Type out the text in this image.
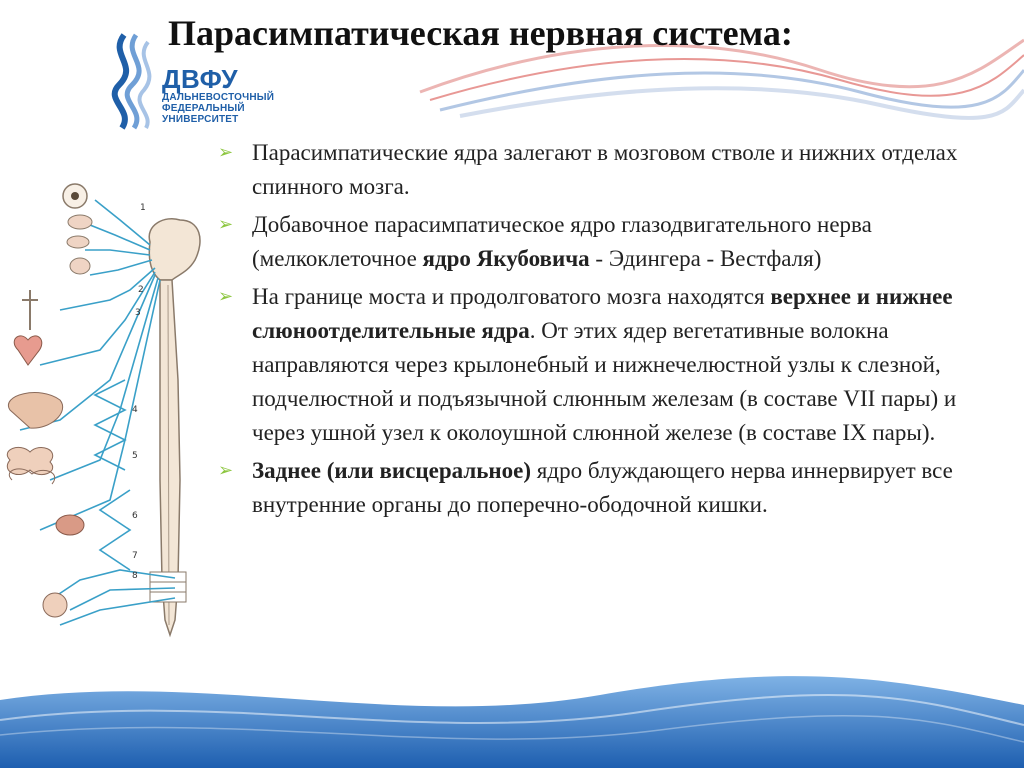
ДВФУ
ДАЛЬНЕВОСТОЧНЫЙ
ФЕДЕРАЛЬНЫЙ
УНИВЕРСИТЕТ
Парасимпатическая нервная система:
1
2
3
4
5
6
7
8
➢ Парасимпатические ядра залегают в мозговом стволе и нижних отделах спинного мозга.
➢ Добавочное парасимпатическое ядро глазодвигательного нерва (мелкоклеточное ядро Якубовича - Эдингера - Вестфаля)
➢ На границе моста и продолговатого мозга находятся верхнее и нижнее слюноотделительные ядра. От этих ядер вегетативные волокна направляются через крылонебный и нижнечелюстной узлы к слезной, подчелюстной и подъязычной слюнным железам (в составе VII пары) и через ушной узел к околоушной слюнной железе (в составе IX пары).
➢ Заднее (или висцеральное) ядро блуждающего нерва иннервирует все внутренние органы до поперечно-ободочной кишки.
